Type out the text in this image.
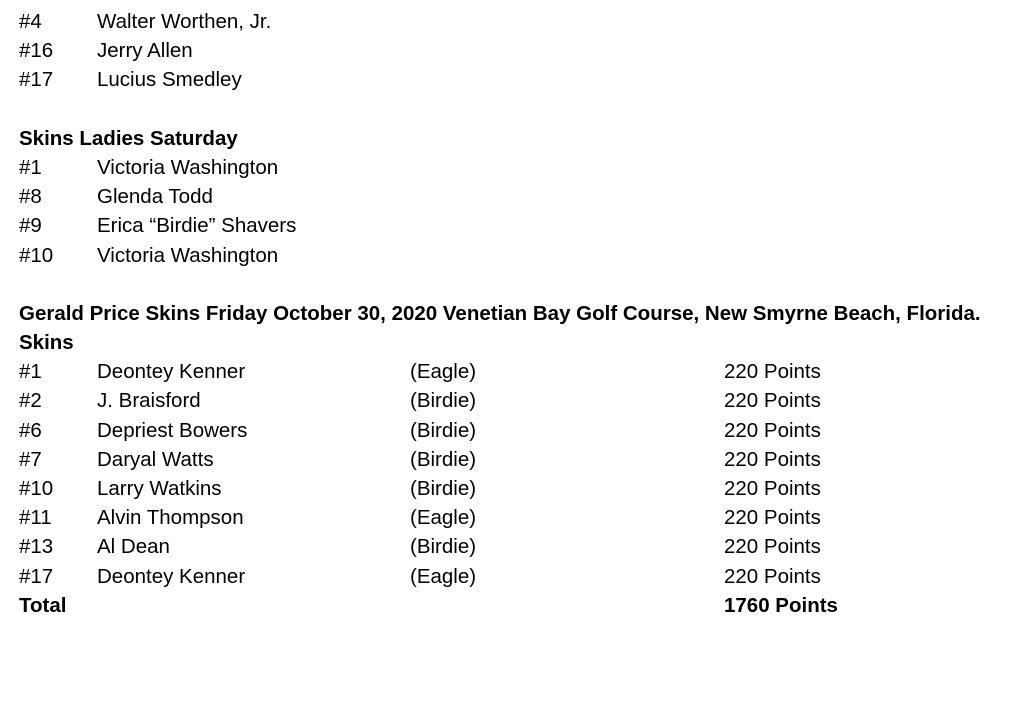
#4	Walter Worthen, Jr.
#16 Jerry Allen
#17 Lucius Smedley
Skins Ladies Saturday
#1	Victoria Washington
#8	Glenda Todd
#9	Erica “Birdie” Shavers
#10 Victoria Washington
Gerald Price Skins Friday October 30, 2020 Venetian Bay Golf Course, New Smyrne Beach, Florida.
Skins
#1	Deontey Kenner	(Eagle)	220 Points
#2	J. Braisford	(Birdie)	220 Points
#6	Depriest Bowers	(Birdie)	220 Points
#7	Daryal Watts	(Birdie)	220 Points
#10 Larry Watkins	(Birdie)	220 Points
#11 Alvin Thompson	(Eagle)	220 Points
#13 Al Dean	(Birdie)	220 Points
#17 Deontey Kenner	(Eagle)	220 Points
Total	1760 Points
